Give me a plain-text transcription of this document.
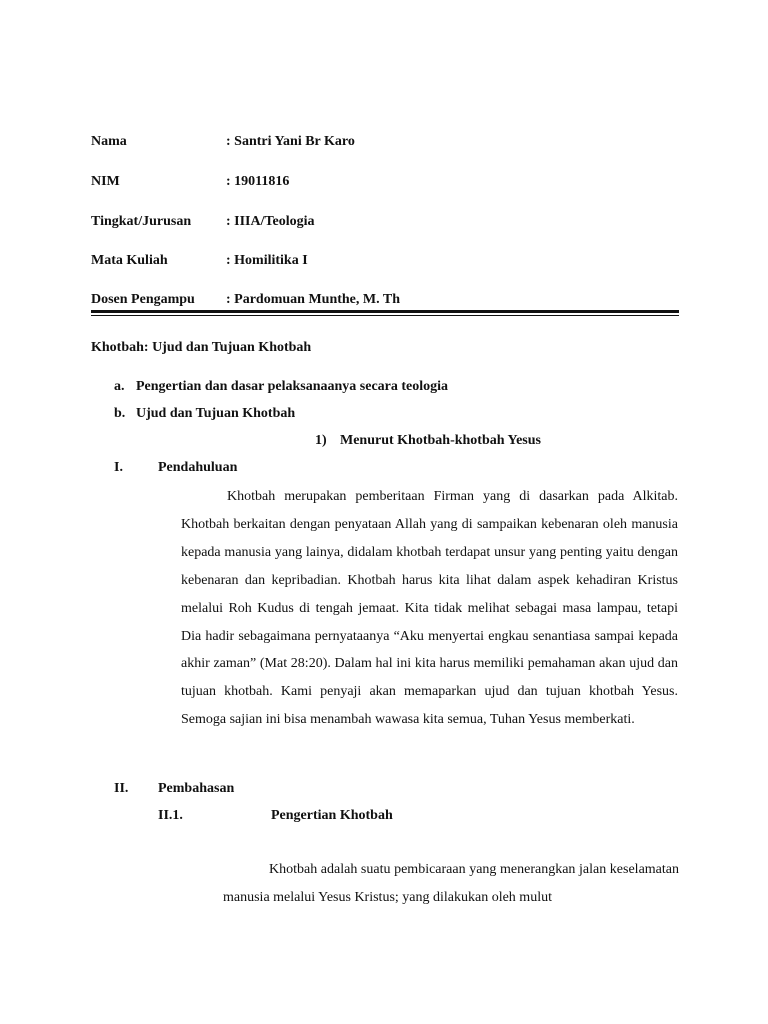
Nama	: Santri Yani Br Karo
NIM	: 19011816
Tingkat/Jurusan : IIIA/Teologia
Mata Kuliah	: Homilitika I
Dosen Pengampu : Pardomuan Munthe, M. Th
Khotbah: Ujud dan Tujuan Khotbah
a. Pengertian dan dasar pelaksanaanya secara teologia
b. Ujud dan Tujuan Khotbah
1) Menurut Khotbah-khotbah Yesus
I.	Pendahuluan

Khotbah merupakan pemberitaan Firman yang di dasarkan pada Alkitab. Khotbah berkaitan dengan penyataan Allah yang di sampaikan kebenaran oleh manusia kepada manusia yang lainya, didalam khotbah terdapat unsur yang penting yaitu dengan kebenaran dan kepribadian. Khotbah harus kita lihat dalam aspek kehadiran Kristus melalui Roh Kudus di tengah jemaat. Kita tidak melihat sebagai masa lampau, tetapi Dia hadir sebagaimana pernyataanya “Aku menyertai engkau senantiasa sampai kepada akhir zaman” (Mat 28:20). Dalam hal ini kita harus memiliki pemahaman akan ujud dan tujuan khotbah. Kami penyaji akan memaparkan ujud dan tujuan khotbah Yesus. Semoga sajian ini bisa menambah wawasa kita semua, Tuhan Yesus memberkati.

II. Pembahasan
II.1.	Pengertian Khotbah

Khotbah adalah suatu pembicaraan yang menerangkan jalan keselamatan manusia melalui Yesus Kristus; yang dilakukan oleh mulut
